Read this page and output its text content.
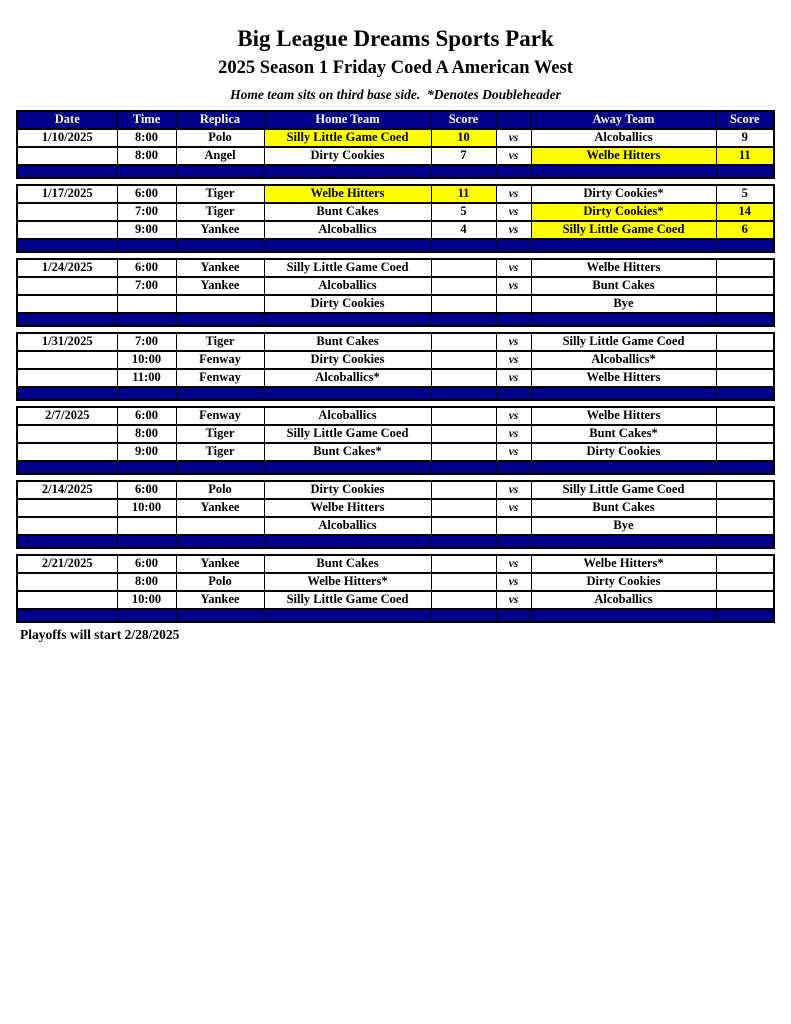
Big League Dreams Sports Park
2025 Season 1 Friday Coed A American West
Home team sits on third base side.  *Denotes Doubleheader
Date	Time	Replica	Home Team	Score		Away Team	Score
1/10/2025	8:00	Polo	Silly Little Game Coed	10	vs	Alcoballics	9
	8:00	Angel	Dirty Cookies	7	vs	Welbe Hitters	11

1/17/2025	6:00	Tiger	Welbe Hitters	11	vs	Dirty Cookies*	5
	7:00	Tiger	Bunt Cakes	5	vs	Dirty Cookies*	14
	9:00	Yankee	Alcoballics	4	vs	Silly Little Game Coed	6

1/24/2025	6:00	Yankee	Silly Little Game Coed		vs	Welbe Hitters	
	7:00	Yankee	Alcoballics		vs	Bunt Cakes	
			Dirty Cookies			Bye	

1/31/2025	7:00	Tiger	Bunt Cakes		vs	Silly Little Game Coed	
	10:00	Fenway	Dirty Cookies		vs	Alcoballics*	
	11:00	Fenway	Alcoballics*		vs	Welbe Hitters	

2/7/2025	6:00	Fenway	Alcoballics		vs	Welbe Hitters	
	8:00	Tiger	Silly Little Game Coed		vs	Bunt Cakes*	
	9:00	Tiger	Bunt Cakes*		vs	Dirty Cookies	

2/14/2025	6:00	Polo	Dirty Cookies		vs	Silly Little Game Coed	
	10:00	Yankee	Welbe Hitters		vs	Bunt Cakes	
			Alcoballics			Bye	

2/21/2025	6:00	Yankee	Bunt Cakes		vs	Welbe Hitters*	
	8:00	Polo	Welbe Hitters*		vs	Dirty Cookies	
	10:00	Yankee	Silly Little Game Coed		vs	Alcoballics	

Playoffs will start 2/28/2025
